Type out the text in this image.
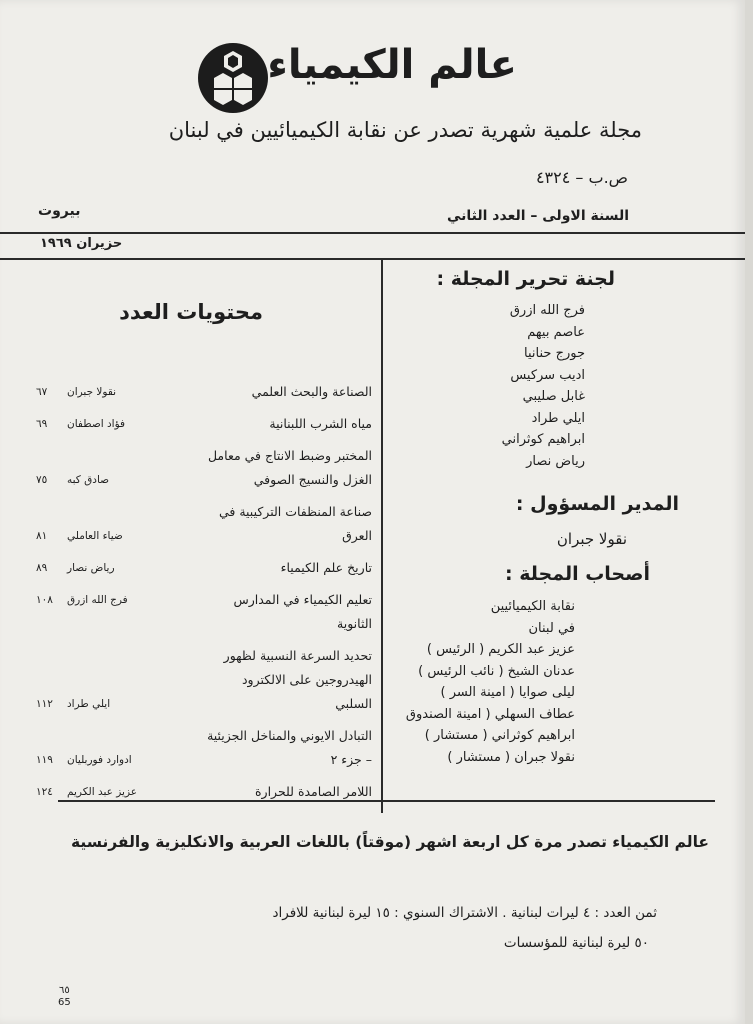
عالم الكيمياء
مجلة علمية شهرية تصدر عن نقابة الكيميائيين في لبنان
ص.ب – ٤٣٢٤
بيروت	السنة الاولى – العدد الثاني
حزيران ١٩٦٩
لجنة تحرير المجلة :
فرج الله ازرق
عاصم بيهم
جورج حنانيا
اديب سركيس
غابل صليبي
ايلي طراد
ابراهيم كوثراني
رياض نصار
المدير المسؤول :
نقولا جبران
أصحاب المجلة :
نقابة الكيميائيين
في لبنان
عزيز عبد الكريم ( الرئيس )
عدنان الشيخ ( نائب الرئيس )
ليلى صوايا ( امينة السر )
عطاف السهلي ( امينة الصندوق
ابراهيم كوثراني ( مستشار )
نقولا جبران ( مستشار )
محتويات العدد
الصناعة والبحث العلمي
نقولا جبران
٦٧
مياه الشرب اللبنانية
فؤاد اصطفان
٦٩
المختبر وضبط الانتاج في معامل الغزل والنسيج الصوفي
صادق كبه
٧٥
صناعة المنظفات التركيبية في العرق
ضياء العاملي
٨١
تاريخ علم الكيمياء
رياض نصار
٨٩
تعليم الكيمياء في المدارس الثانوية
فرج الله ازرق
١٠٨
تحديد السرعة النسبية لظهور الهيدروجين على الالكترود السلبي
ايلي طراد
١١٢
التبادل الايوني والمناخل الجزيئية – جزء ٢
ادوارد فوربليان
١١٩
اللامر الصامدة للحرارة
عزيز عبد الكريم
١٢٤
عالم الكيمياء تصدر مرة كل اربعة اشهر (موقتاً) باللغات العربية والانكليزية والفرنسية
ثمن العدد : ٤ ليرات لبنانية . الاشتراك السنوي : ١٥ ليرة لبنانية للافراد
٥٠ ليرة لبنانية للمؤسسات
٦٥
65
